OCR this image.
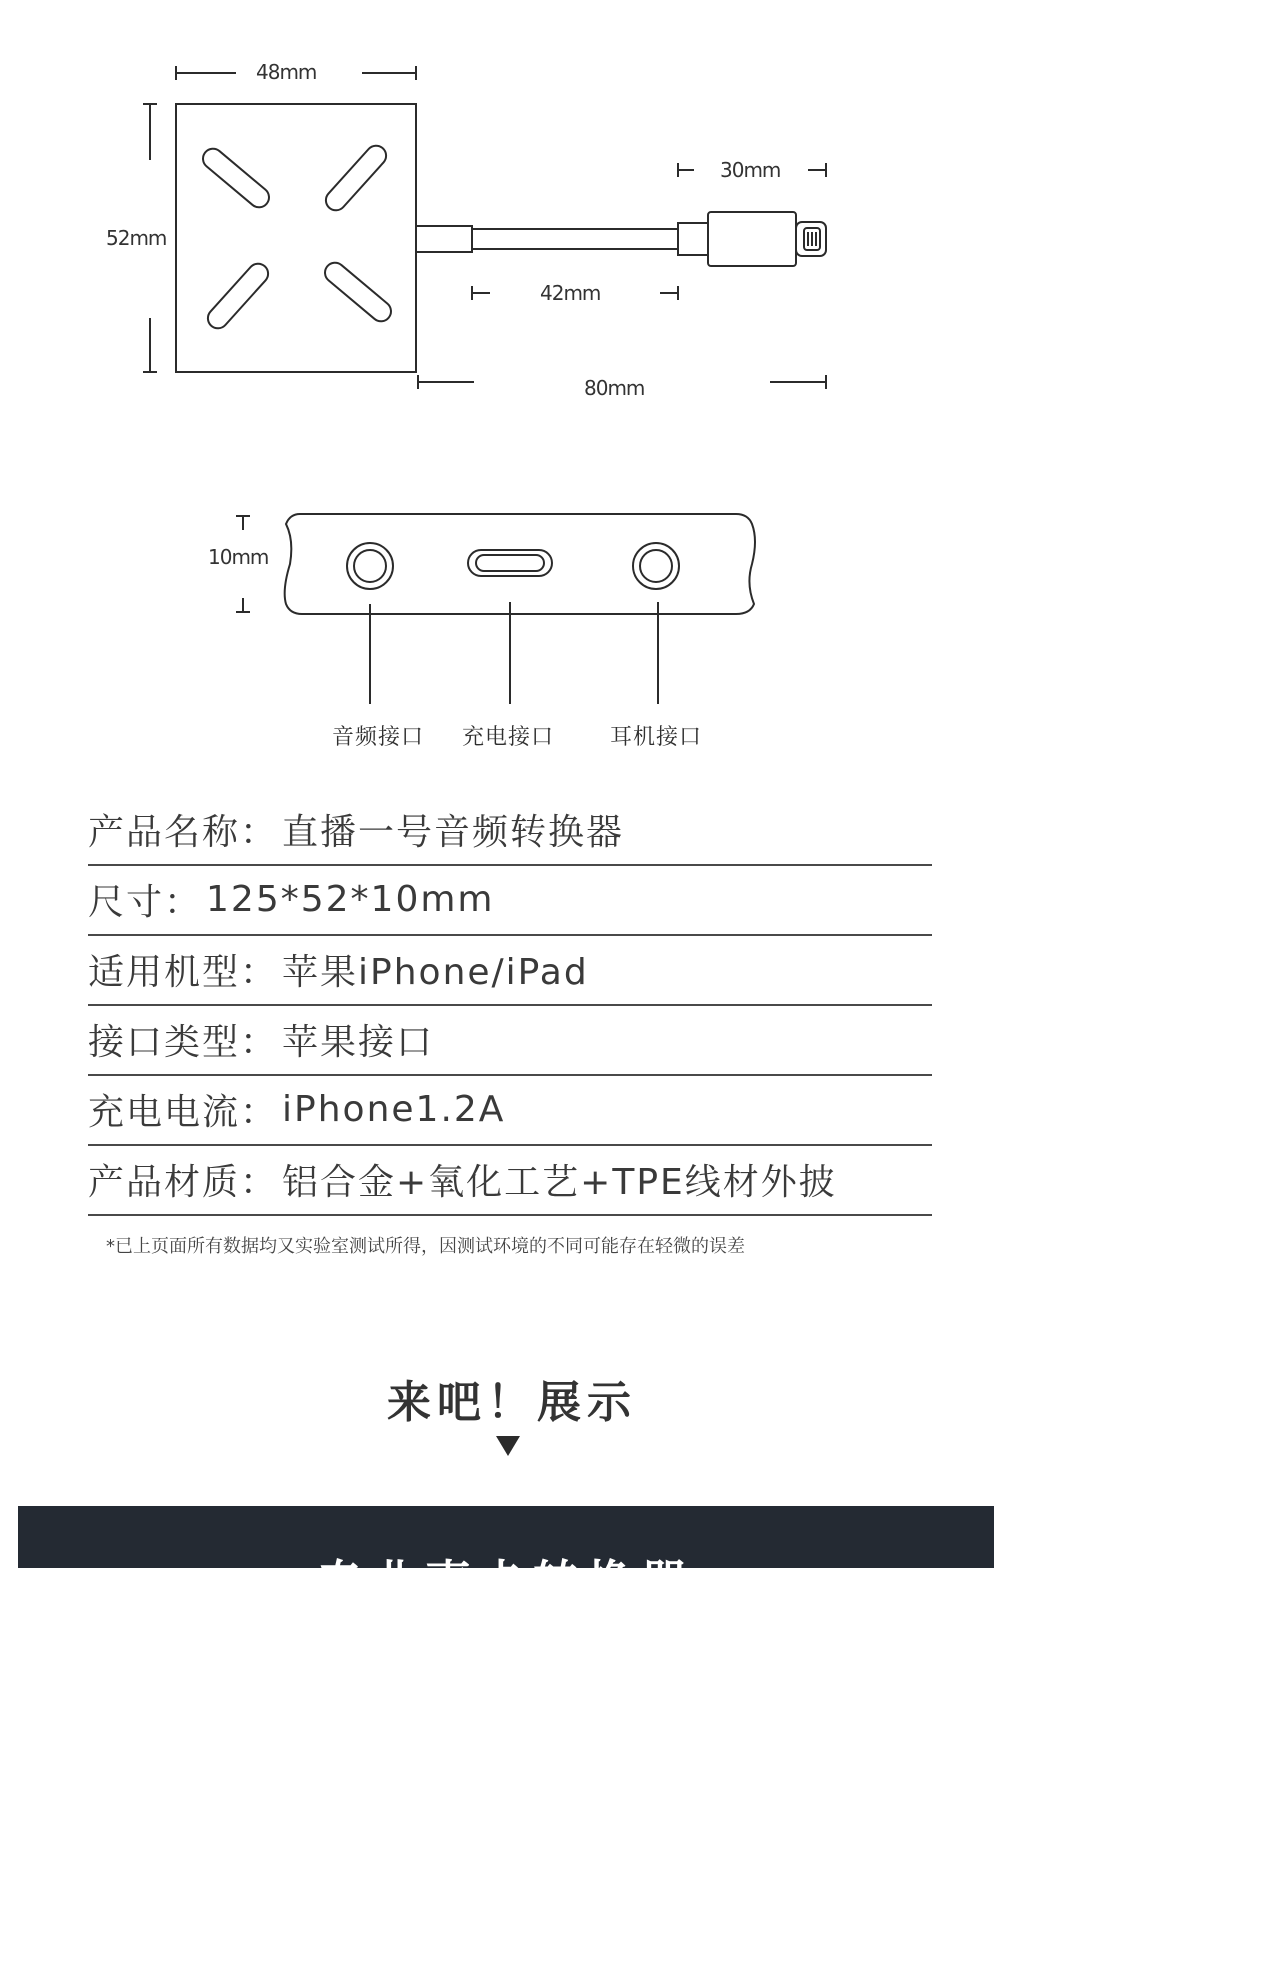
48mm
52mm
30mm
42mm
80mm
10mm
音频接口 充电接口	耳机接口
产品名称： 直播一号音频转换器
尺寸： 125*52*10mm
适用机型： 苹果iPhone/iPad
接口类型： 苹果接口
充电电流： iPhone1.2A
产品材质： 铝合金+氧化工艺+TPE线材外披
*已上页面所有数据均又实验室测试所得，因测试环境的不同可能存在轻微的误差
来吧！展示
专业声卡转换器
